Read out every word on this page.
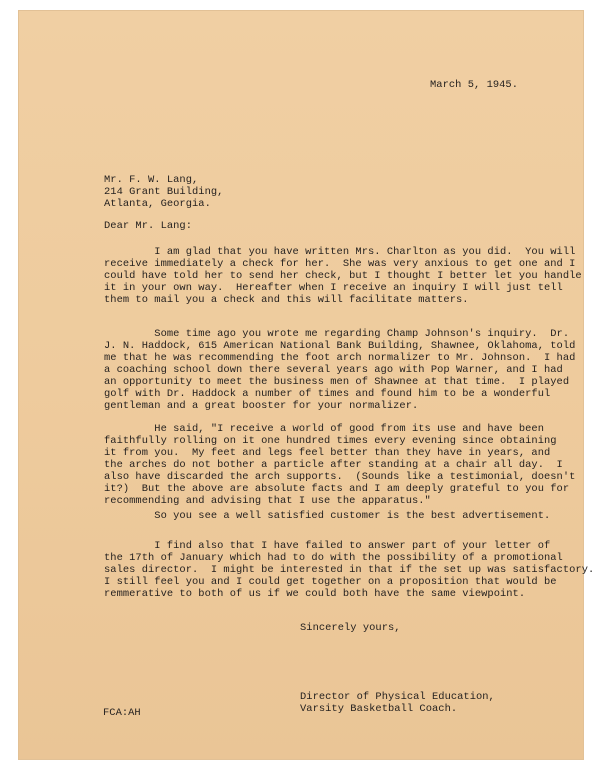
March 5, 1945.
Mr. F. W. Lang,
214 Grant Building,
Atlanta, Georgia.
Dear Mr. Lang:
I am glad that you have written Mrs. Charlton as you did.  You will
receive immediately a check for her.  She was very anxious to get one and I
could have told her to send her check, but I thought I better let you handle
it in your own way.  Hereafter when I receive an inquiry I will just tell
them to mail you a check and this will facilitate matters.
Some time ago you wrote me regarding Champ Johnson's inquiry.  Dr.
J. N. Haddock, 615 American National Bank Building, Shawnee, Oklahoma, told
me that he was recommending the foot arch normalizer to Mr. Johnson.  I had
a coaching school down there several years ago with Pop Warner, and I had
an opportunity to meet the business men of Shawnee at that time.  I played
golf with Dr. Haddock a number of times and found him to be a wonderful
gentleman and a great booster for your normalizer.
He said, "I receive a world of good from its use and have been
faithfully rolling on it one hundred times every evening since obtaining
it from you.  My feet and legs feel better than they have in years, and
the arches do not bother a particle after standing at a chair all day.  I
also have discarded the arch supports.  (Sounds like a testimonial, doesn't
it?)  But the above are absolute facts and I am deeply grateful to you for
recommending and advising that I use the apparatus."
So you see a well satisfied customer is the best advertisement.
I find also that I have failed to answer part of your letter of
the 17th of January which had to do with the possibility of a promotional
sales director.  I might be interested in that if the set up was satisfactory.
I still feel you and I could get together on a proposition that would be
remmerative to both of us if we could both have the same viewpoint.
Sincerely yours,
Director of Physical Education,
Varsity Basketball Coach.
FCA:AH
